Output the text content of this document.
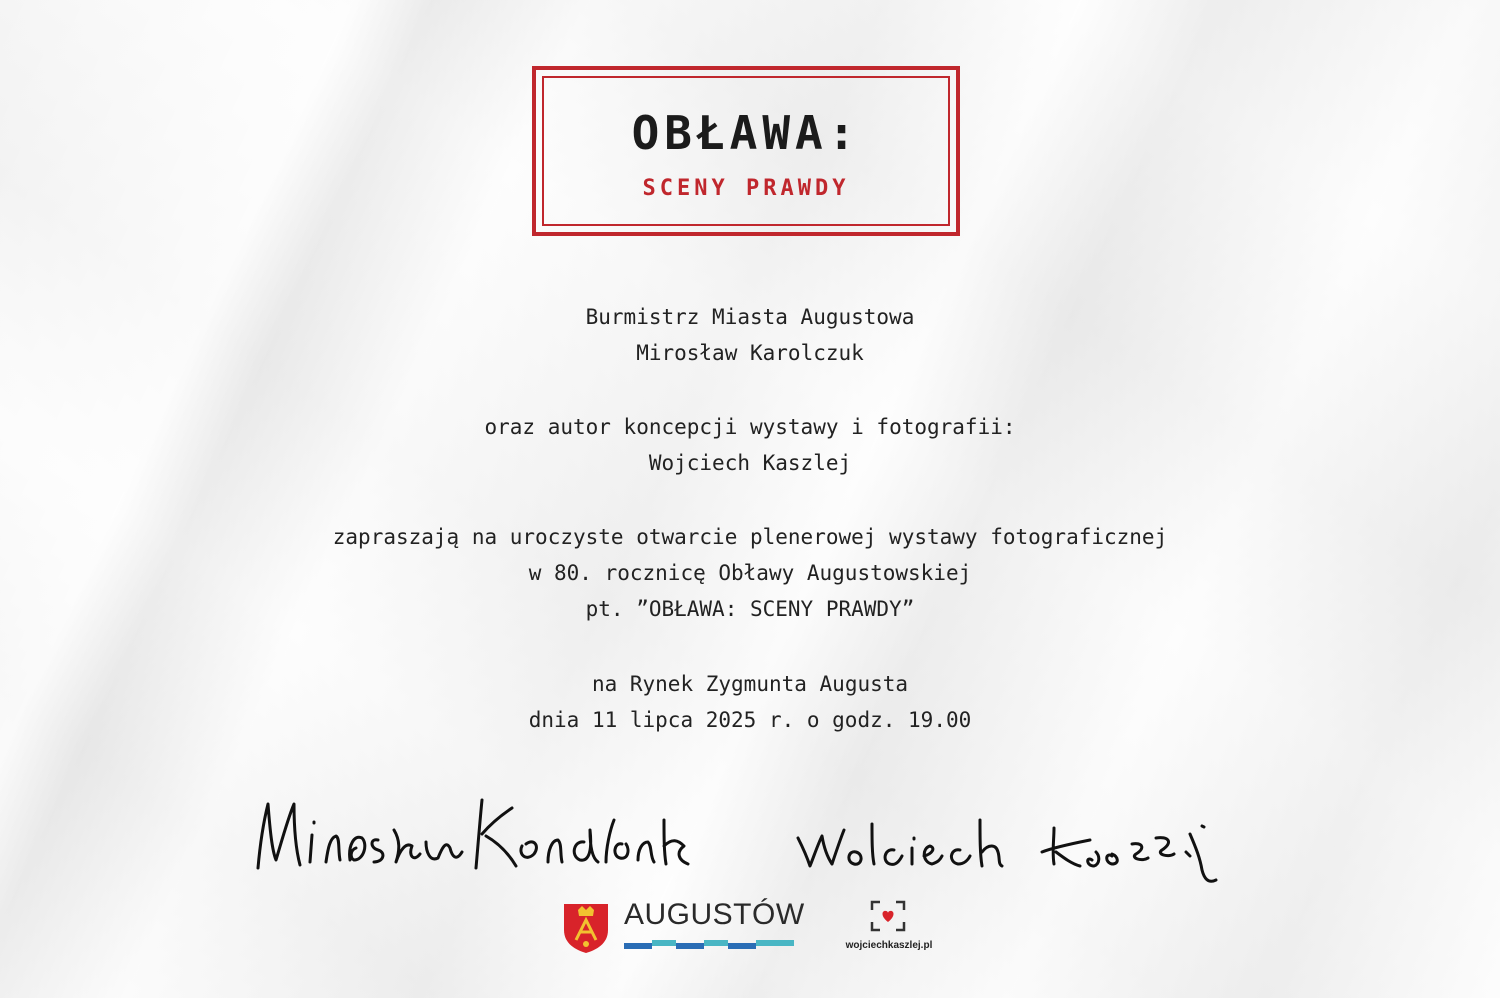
OBŁAWA:
SCENY PRAWDY

Burmistrz Miasta Augustowa

Mirosław Karolczuk

oraz autor koncepcji wystawy i fotografii:

Wojciech Kaszlej

zapraszają na uroczyste otwarcie plenerowej wystawy fotograficznej

w 80. rocznicę Obławy Augustowskiej

pt. ”OBŁAWA: SCENY PRAWDY”

na Rynek Zygmunta Augusta

dnia 11 lipca 2025 r. o godz. 19.00

AUGUSTÓW
wojciechkaszlej.pl
